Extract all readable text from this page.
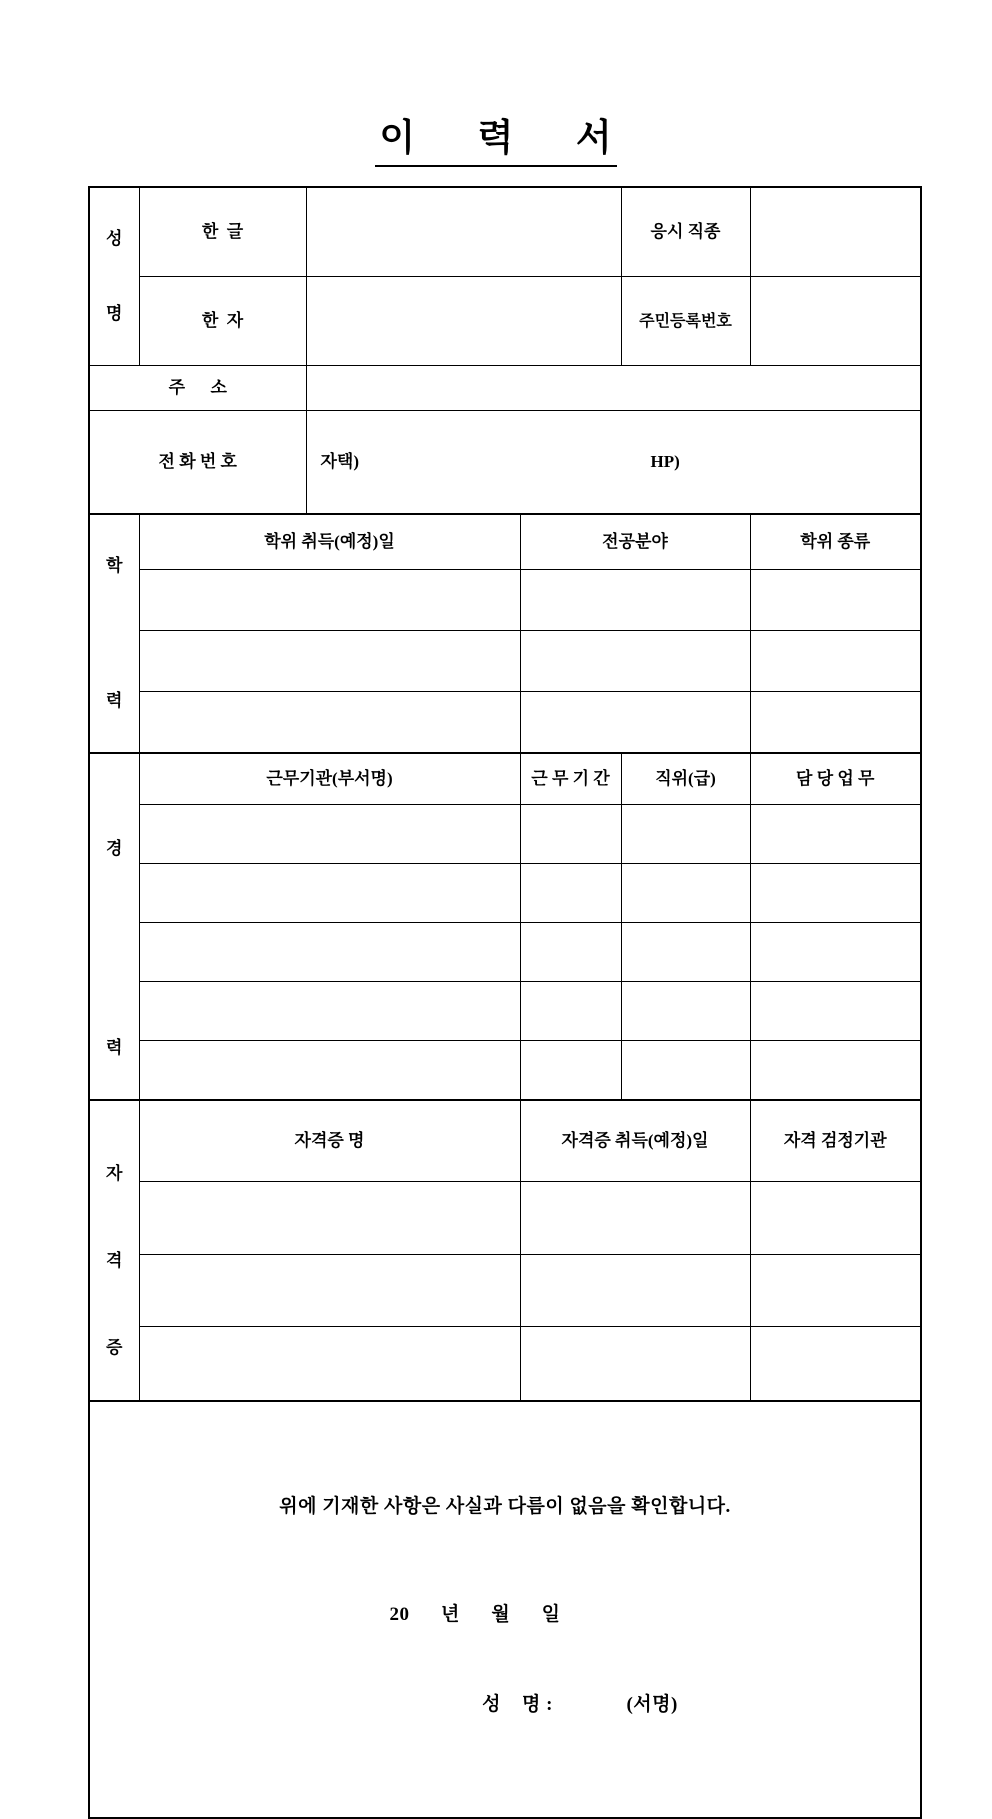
이      력      서

성

명	한  글			응시 직종	
	한  자			주민등록번호	
주      소					
전 화 번 호		자택) HP)			

학

력	학위 취득(예정)일		전공분야		학위 종류

경

력	근무기관(부서명)		근 무 기 간	직위(급)	담 당 업 무

자

격

증	자격증 명		자격증 취득(예정)일		자격 검정기관

위에 기재한 사항은 사실과 다름이 없음을 확인합니다.

20      년      월      일

성    명 :              (서명)					
